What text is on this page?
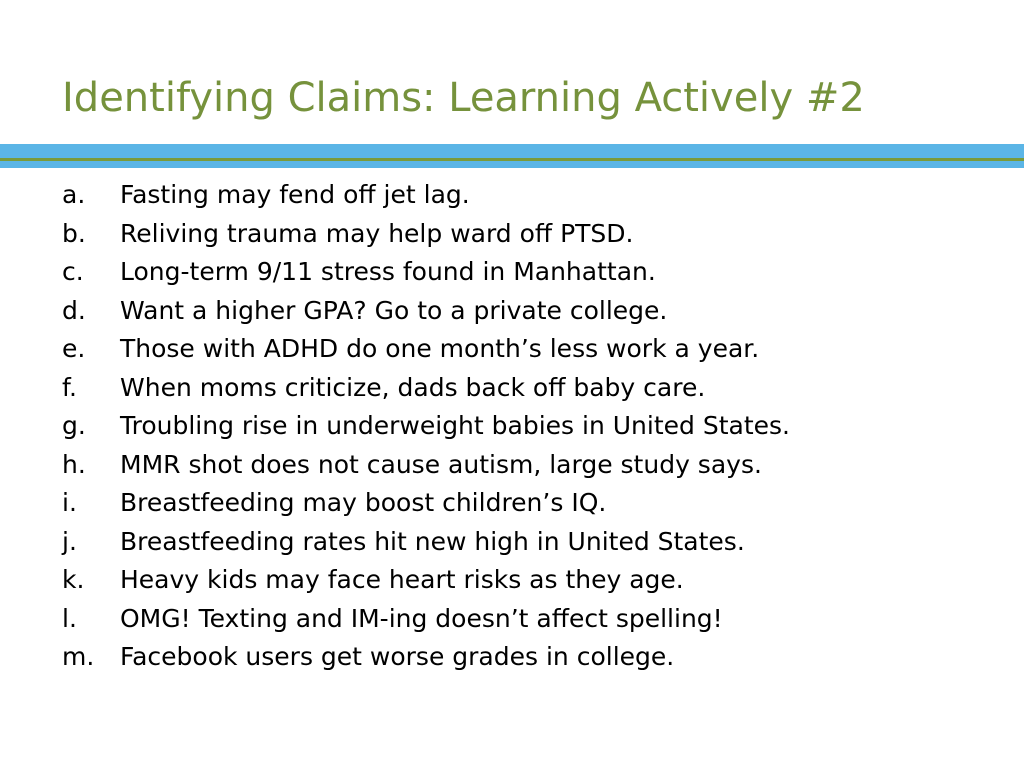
Identifying Claims: Learning Actively #2
a.	Fasting may fend off jet lag.
b.	Reliving trauma may help ward off PTSD.
c.	Long-term 9/11 stress found in Manhattan.
d.	Want a higher GPA? Go to a private college.
e.	Those with ADHD do one month’s less work a year.
f.	When moms criticize, dads back off baby care.
g.	Troubling rise in underweight babies in United States.
h.	MMR shot does not cause autism, large study says.
i.	Breastfeeding may boost children’s IQ.
j.	Breastfeeding rates hit new high in United States.
k.	Heavy kids may face heart risks as they age.
l.	OMG! Texting and IM-ing doesn’t affect spelling!
m.	Facebook users get worse grades in college.
